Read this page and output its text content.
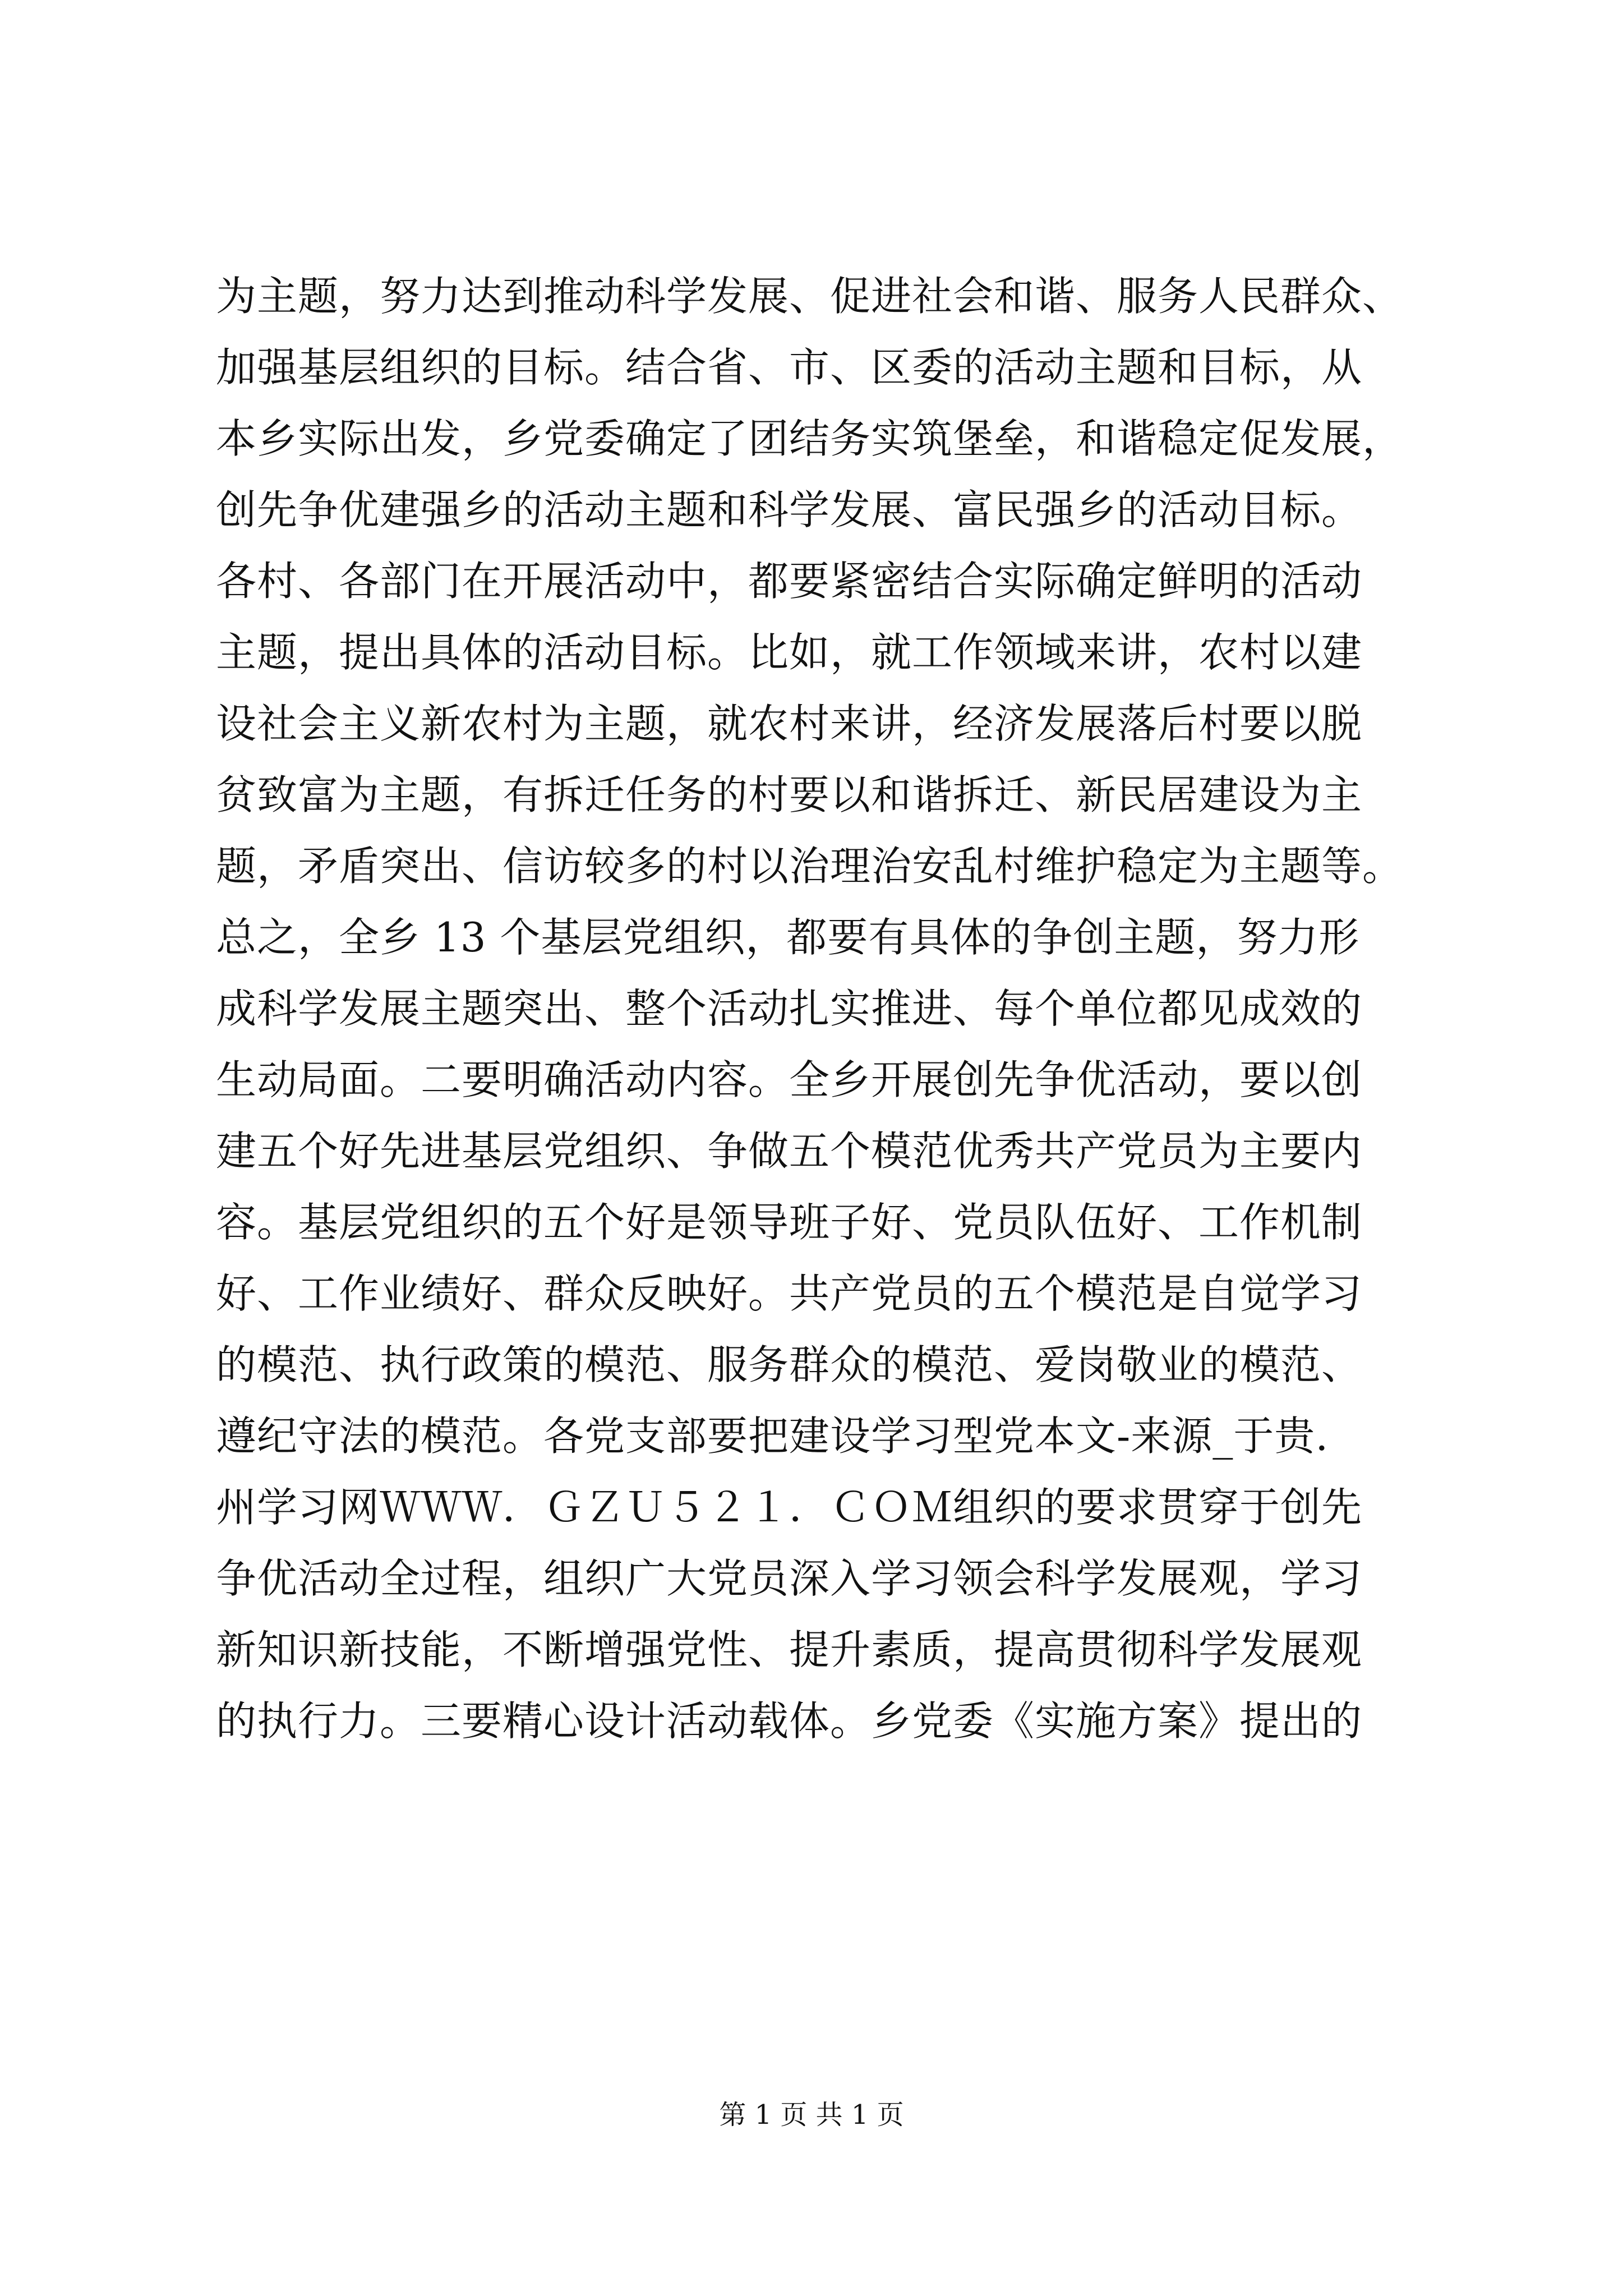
为主题，努力达到推动科学发展、促进社会和谐、服务人民群众、
加强基层组织的目标。结合省、市、区委的活动主题和目标，从
本乡实际出发，乡党委确定了团结务实筑堡垒，和谐稳定促发展，
创先争优建强乡的活动主题和科学发展、富民强乡的活动目标。
各村、各部门在开展活动中，都要紧密结合实际确定鲜明的活动
主题，提出具体的活动目标。比如，就工作领域来讲，农村以建
设社会主义新农村为主题，就农村来讲，经济发展落后村要以脱
贫致富为主题，有拆迁任务的村要以和谐拆迁、新民居建设为主
题，矛盾突出、信访较多的村以治理治安乱村维护稳定为主题等。
总之，全乡 13 个基层党组织，都要有具体的争创主题，努力形
成科学发展主题突出、整个活动扎实推进、每个单位都见成效的
生动局面。二要明确活动内容。全乡开展创先争优活动，要以创
建五个好先进基层党组织、争做五个模范优秀共产党员为主要内
容。基层党组织的五个好是领导班子好、党员队伍好、工作机制
好、工作业绩好、群众反映好。共产党员的五个模范是自觉学习
的模范、执行政策的模范、服务群众的模范、爱岗敬业的模范、
遵纪守法的模范。各党支部要把建设学习型党本文-来源_于贵.
州学习网ＷＷＷ．ＧＺＵ５２１．ＣＯＭ组织的要求贯穿于创先
争优活动全过程，组织广大党员深入学习领会科学发展观，学习
新知识新技能，不断增强党性、提升素质，提高贯彻科学发展观
的执行力。三要精心设计活动载体。乡党委《实施方案》提出的
第 1 页 共 1 页
